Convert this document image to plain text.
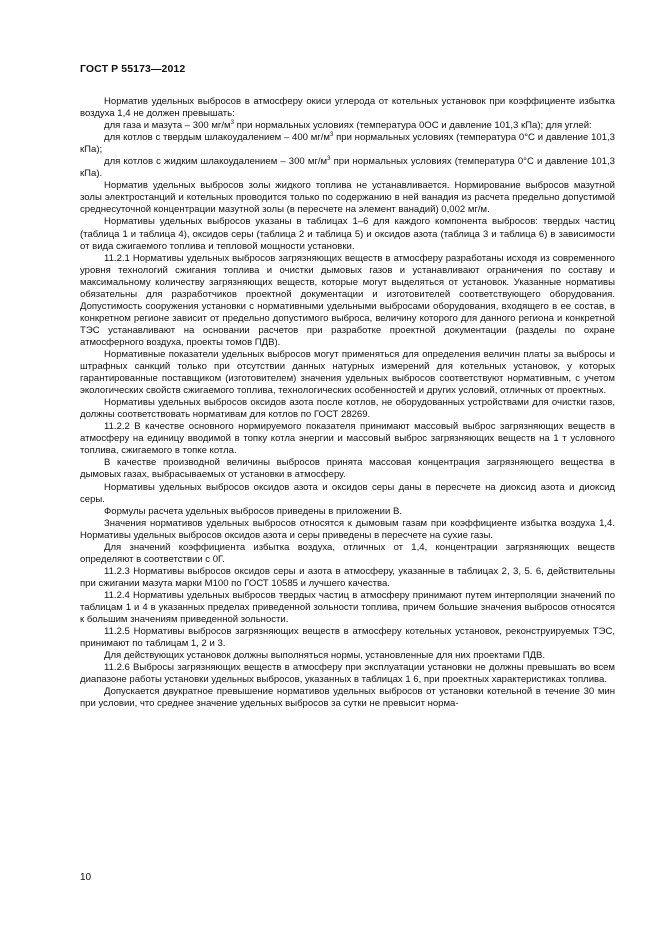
ГОСТ Р 55173—2012

Норматив удельных выбросов в атмосферу окиси углерода от котельных установок при коэффициенте избытка воздуха 1,4 не должен превышать:

для газа и мазута – 300 $мг/м^3$ при нормальных условиях (температура 0ОС и давление 101,3 кПа); для углей:

для котлов с твердым шлакоудалением – 400 $мг/м^3$ при нормальных условиях (температура 0°С и давление 101,3 кПа);

для котлов с жидким шлакоудалением – 300 $мг/м^3$ при нормальных условиях (температура 0°С и давление 101,3 кПа).

Норматив удельных выбросов золы жидкого топлива не устанавливается. Нормирование выбросов мазутной золы электростанций и котельных проводится только по содержанию в ней ванадия из расчета предельно допустимой среднесуточной концентрации мазутной золы (в пересчете на элемент ванадий) 0,002 мг/м.

Нормативы удельных выбросов указаны в таблицах 1–6 для каждого компонента выбросов: твердых частиц (таблица 1 и таблица 4), оксидов серы (таблица 2 и таблица 5) и оксидов азота (таблица 3 и таблица 6) в зависимости от вида сжигаемого топлива и тепловой мощности установки.

11.2.1 Нормативы удельных выбросов загрязняющих веществ в атмосферу разработаны исходя из современного уровня технологий сжигания топлива и очистки дымовых газов и устанавливают ограничения по составу и максимальному количеству загрязняющих веществ, которые могут выделяться от установок. Указанные нормативы обязательны для разработчиков проектной документации и изготовителей соответствующего оборудования. Допустимость сооружения установки с нормативными удельными выбросами оборудования, входящего в ее состав, в конкретном регионе зависит от предельно допустимого выброса, величину которого для данного региона и конкретной ТЭС устанавливают на основании расчетов при разработке проектной документации (разделы по охране атмосферного воздуха, проекты томов ПДВ).

Нормативные показатели удельных выбросов могут применяться для определения величин платы за выбросы и штрафных санкций только при отсутствии данных натурных измерений для котельных установок, у которых гарантированные поставщиком (изготовителем) значения удельных выбросов соответствуют нормативным, с учетом экологических свойств сжигаемого топлива, технологических особенностей и других условий, отличных от проектных.

Нормативы удельных выбросов оксидов азота после котлов, не оборудованных устройствами для очистки газов, должны соответствовать нормативам для котлов по ГОСТ 28269.

11.2.2 В качестве основного нормируемого показателя принимают массовый выброс загрязняющих веществ в атмосферу на единицу вводимой в топку котла энергии и массовый выброс загрязняющих веществ на 1 т условного топлива, сжигаемого в топке котла.

В качестве производной величины выбросов принята массовая концентрация загрязняющего вещества в дымовых газах, выбрасываемых от установки в атмосферу.

Нормативы удельных выбросов оксидов азота и оксидов серы даны в пересчете на диоксид азота и диоксид серы.

Формулы расчета удельных выбросов приведены в приложении В.

Значения нормативов удельных выбросов относятся к дымовым газам при коэффициенте избытка воздуха 1,4. Нормативы удельных выбросов оксидов азота и серы приведены в пересчете на сухие газы.

Для значений коэффициента избытка воздуха, отличных от 1,4, концентрации загрязняющих веществ определяют в соответствии с 0Г.

11.2.3 Нормативы выбросов оксидов серы и азота в атмосферу, указанные в таблицах 2, 3, 5. 6, действительны при сжигании мазута марки М100 по ГОСТ 10585 и лучшего качества.

11.2.4 Нормативы удельных выбросов твердых частиц в атмосферу принимают путем интерполяции значений по таблицам 1 и 4 в указанных пределах приведенной зольности топлива, причем большие значения выбросов относятся к большим значениям приведенной зольности.

11.2.5 Нормативы выбросов загрязняющих веществ в атмосферу котельных установок, реконструируемых ТЭС, принимают по таблицам 1, 2 и 3.

Для действующих установок должны выполняться нормы, установленные для них проектами ПДВ.

11.2.6 Выбросы загрязняющих веществ в атмосферу при эксплуатации установки не должны превышать во всем диапазоне работы установки удельных выбросов, указанных в таблицах 1 6, при проектных характеристиках топлива.

Допускается двукратное превышение нормативов удельных выбросов от установки котельной в течение 30 мин при условии, что среднее значение удельных выбросов за сутки не превысит норма-

10
